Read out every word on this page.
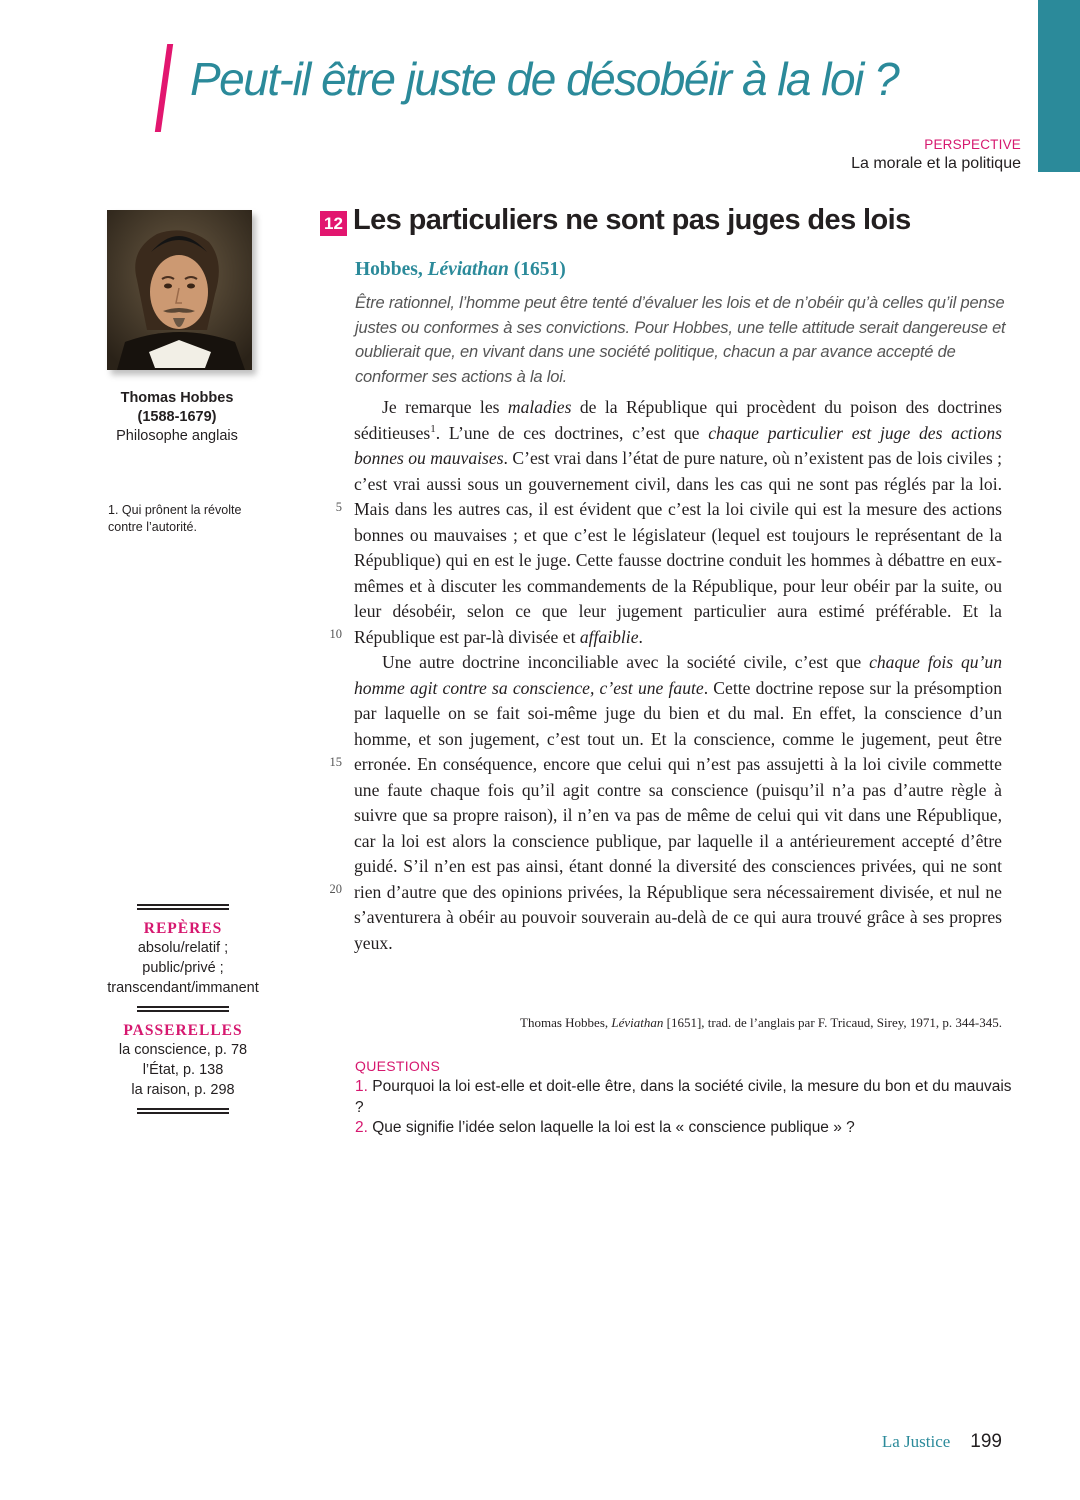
Peut-il être juste de désobéir à la loi ?
PERSPECTIVE
La morale et la politique
Thomas Hobbes
(1588-1679)
Philosophe anglais
1. Qui prônent la révolte contre l’autorité.
REPÈRES
absolu/relatif ;
public/privé ;
transcendant/immanent
PASSERELLES
la conscience, p. 78
l’État, p. 138
la raison, p. 298
12 Les particuliers ne sont pas juges des lois
Hobbes, Léviathan (1651)

Être rationnel, l’homme peut être tenté d’évaluer les lois et de n’obéir qu’à celles qu’il pense justes ou conformes à ses convictions. Pour Hobbes, une telle attitude serait dangereuse et oublierait que, en vivant dans une société politique, chacun a par avance accepté de conformer ses actions à la loi.

5
10
15
20

Je remarque les maladies de la République qui procèdent du poison des doctrines séditieuses$^1$. L’une de ces doctrines, c’est que chaque particulier est juge des actions bonnes ou mauvaises. C’est vrai dans l’état de pure nature, où n’existent pas de lois civiles ; c’est vrai aussi sous un gouvernement civil, dans les cas qui ne sont pas réglés par la loi. Mais dans les autres cas, il est évident que c’est la loi civile qui est la mesure des actions bonnes ou mauvaises ; et que c’est le législateur (lequel est toujours le représentant de la République) qui en est le juge. Cette fausse doctrine conduit les hommes à débattre en eux-mêmes et à discuter les commandements de la République, pour leur obéir par la suite, ou leur désobéir, selon ce que leur jugement particulier aura estimé préférable. Et la République est par-là divisée et affaiblie.

Une autre doctrine inconciliable avec la société civile, c’est que chaque fois qu’un homme agit contre sa conscience, c’est une faute. Cette doctrine repose sur la présomption par laquelle on se fait soi-même juge du bien et du mal. En effet, la conscience d’un homme, et son jugement, c’est tout un. Et la conscience, comme le jugement, peut être erronée. En conséquence, encore que celui qui n’est pas assujetti à la loi civile commette une faute chaque fois qu’il agit contre sa conscience (puisqu’il n’a pas d’autre règle à suivre que sa propre raison), il n’en va pas de même de celui qui vit dans une République, car la loi est alors la conscience publique, par laquelle il a antérieurement accepté d’être guidé. S’il n’en est pas ainsi, étant donné la diversité des consciences privées, qui ne sont rien d’autre que des opinions privées, la République sera nécessairement divisée, et nul ne s’aventurera à obéir au pouvoir souverain au-delà de ce qui aura trouvé grâce à ses propres yeux.

Thomas Hobbes, Léviathan [1651], trad. de l’anglais par F. Tricaud, Sirey, 1971, p. 344-345.
QUESTIONS
1. Pourquoi la loi est-elle et doit-elle être, dans la société civile, la mesure du bon et du mauvais ?
2. Que signifie l’idée selon laquelle la loi est la « conscience publique » ?
La Justice 199
